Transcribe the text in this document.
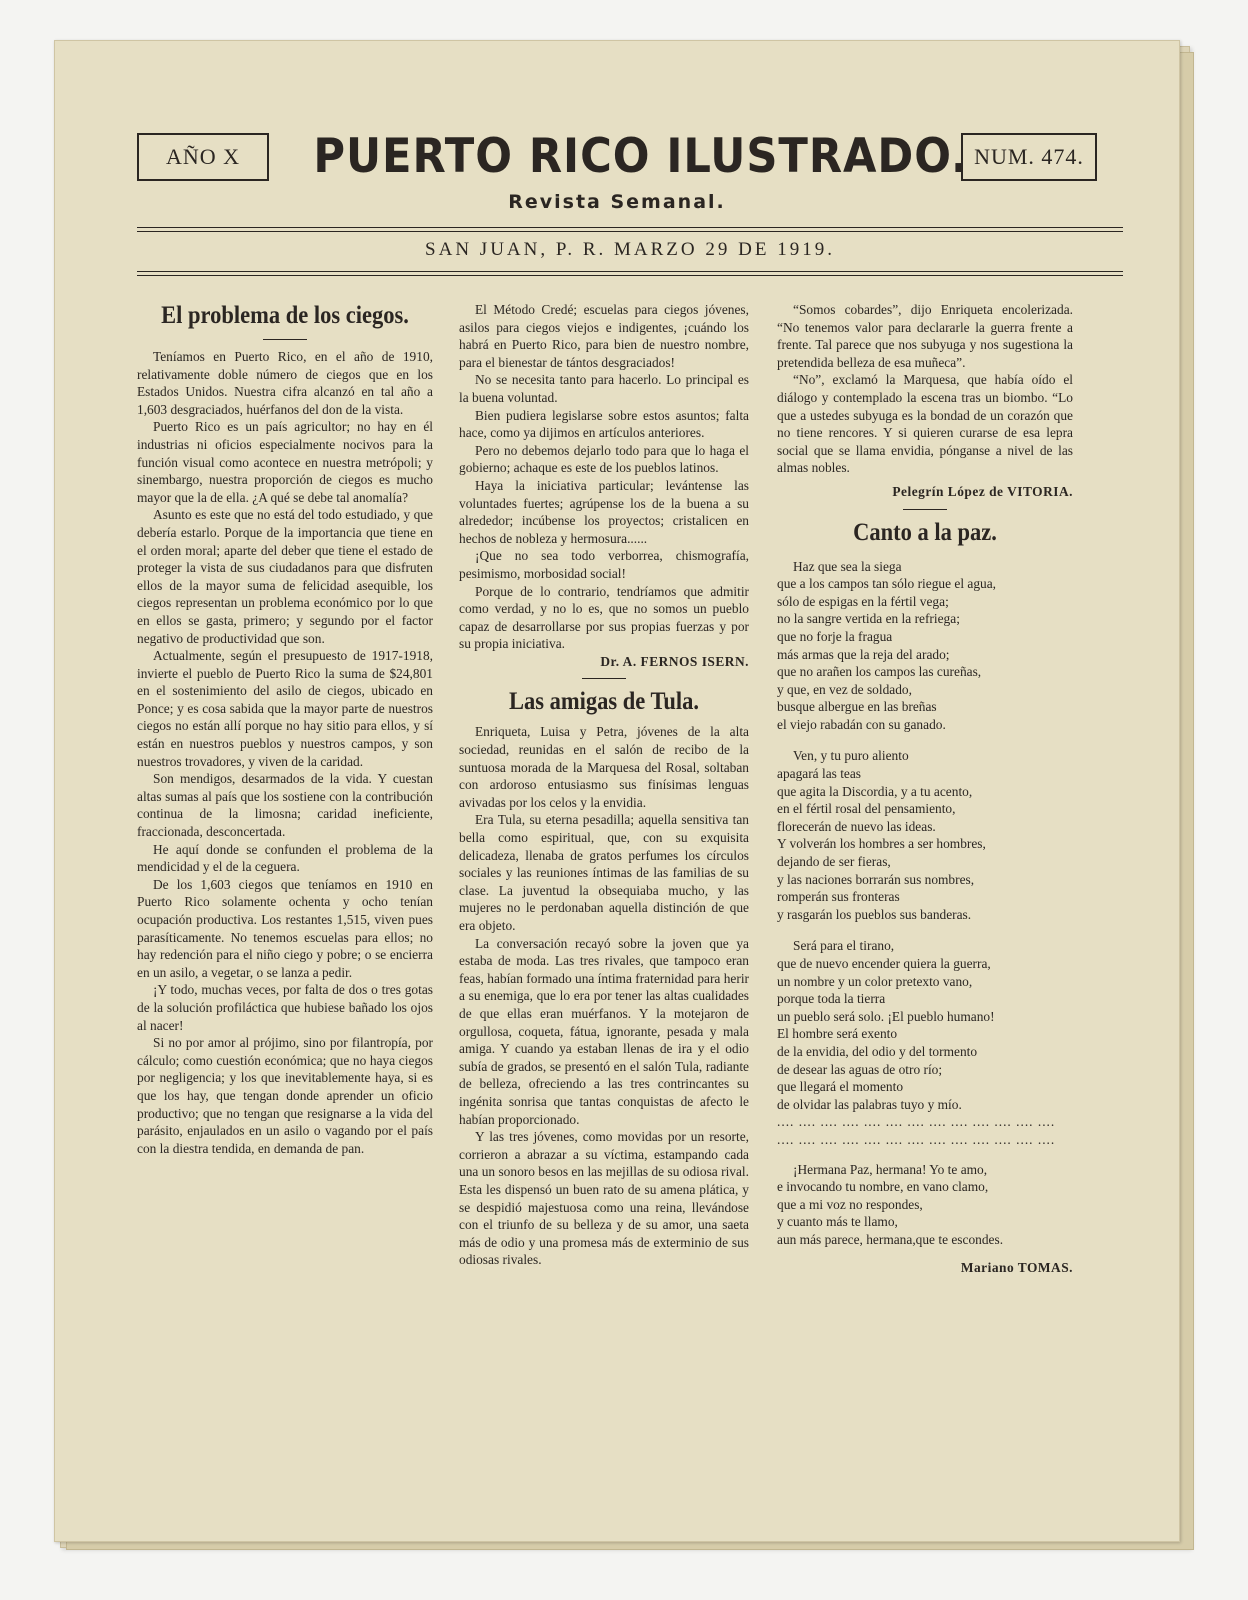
AÑO X	PUERTO RICO ILUSTRADO. NUM. 474.
Revista Semanal.
SAN JUAN, P. R. MARZO 29 DE 1919.

El problema de los ciegos.

Teníamos en Puerto Rico, en el año de 1910, relativamente doble número de ciegos que en los Estados Unidos. Nuestra cifra alcanzó en tal año a 1,603 desgraciados, huérfanos del don de la vista.

Puerto Rico es un país agricultor; no hay en él industrias ni oficios especialmente nocivos para la función visual como acontece en nuestra metrópoli; y sinembargo, nuestra proporción de ciegos es mucho mayor que la de ella. ¿A qué se debe tal anomalía?

Asunto es este que no está del todo estudiado, y que debería estarlo. Porque de la importancia que tiene en el orden moral; aparte del deber que tiene el estado de proteger la vista de sus ciudadanos para que disfruten ellos de la mayor suma de felicidad asequible, los ciegos representan un problema económico por lo que en ellos se gasta, primero; y segundo por el factor negativo de productividad que son.

Actualmente, según el presupuesto de 1917-1918, invierte el pueblo de Puerto Rico la suma de $24,801 en el sostenimiento del asilo de ciegos, ubicado en Ponce; y es cosa sabida que la mayor parte de nuestros ciegos no están allí porque no hay sitio para ellos, y sí están en nuestros pueblos y nuestros campos, y son nuestros trovadores, y viven de la caridad.

Son mendigos, desarmados de la vida. Y cuestan altas sumas al país que los sostiene con la contribución continua de la limosna; caridad ineficiente, fraccionada, desconcertada.

He aquí donde se confunden el problema de la mendicidad y el de la ceguera.

De los 1,603 ciegos que teníamos en 1910 en Puerto Rico solamente ochenta y ocho tenían ocupación productiva. Los restantes 1,515, viven pues parasíticamente. No tenemos escuelas para ellos; no hay redención para el niño ciego y pobre; o se encierra en un asilo, a vegetar, o se lanza a pedir.

¡Y todo, muchas veces, por falta de dos o tres gotas de la solución profiláctica que hubiese bañado los ojos al nacer!

Si no por amor al prójimo, sino por filantropía, por cálculo; como cuestión económica; que no haya ciegos por negligencia; y los que inevitablemente haya, si es que los hay, que tengan donde aprender un oficio productivo; que no tengan que resignarse a la vida del parásito, enjaulados en un asilo o vagando por el país con la diestra tendida, en demanda de pan.

El Método Credé; escuelas para ciegos jóvenes, asilos para ciegos viejos e indigentes, ¡cuándo los habrá en Puerto Rico, para bien de nuestro nombre, para el bienestar de tántos desgraciados!

No se necesita tanto para hacerlo. Lo principal es la buena voluntad.

Bien pudiera legislarse sobre estos asuntos; falta hace, como ya dijimos en artículos anteriores.

Pero no debemos dejarlo todo para que lo haga el gobierno; achaque es este de los pueblos latinos.

Haya la iniciativa particular; levántense las voluntades fuertes; agrúpense los de la buena a su alrededor; incúbense los proyectos; cristalicen en hechos de nobleza y hermosura......

¡Que no sea todo verborrea, chismografía, pesimismo, morbosidad social!

Porque de lo contrario, tendríamos que admitir como verdad, y no lo es, que no somos un pueblo capaz de desarrollarse por sus propias fuerzas y por su propia iniciativa.

Dr. A. FERNOS ISERN.

Las amigas de Tula.

Enriqueta, Luisa y Petra, jóvenes de la alta sociedad, reunidas en el salón de recibo de la suntuosa morada de la Marquesa del Rosal, soltaban con ardoroso entusiasmo sus finísimas lenguas avivadas por los celos y la envidia.

Era Tula, su eterna pesadilla; aquella sensitiva tan bella como espiritual, que, con su exquisita delicadeza, llenaba de gratos perfumes los círculos sociales y las reuniones íntimas de las familias de su clase. La juventud la obsequiaba mucho, y las mujeres no le perdonaban aquella distinción de que era objeto.

La conversación recayó sobre la joven que ya estaba de moda. Las tres rivales, que tampoco eran feas, habían formado una íntima fraternidad para herir a su enemiga, que lo era por tener las altas cualidades de que ellas eran muérfanos. Y la motejaron de orgullosa, coqueta, fátua, ignorante, pesada y mala amiga. Y cuando ya estaban llenas de ira y el odio subía de grados, se presentó en el salón Tula, radiante de belleza, ofreciendo a las tres contrincantes su ingénita sonrisa que tantas conquistas de afecto le habían proporcionado.

Y las tres jóvenes, como movidas por un resorte, corrieron a abrazar a su víctima, estampando cada una un sonoro besos en las mejillas de su odiosa rival. Esta les dispensó un buen rato de su amena plática, y se despidió majestuosa como una reina, llevándose con el triunfo de su belleza y de su amor, una saeta más de odio y una promesa más de exterminio de sus odiosas rivales.

“Somos cobardes”, dijo Enriqueta encolerizada. “No tenemos valor para declararle la guerra frente a frente. Tal parece que nos subyuga y nos sugestiona la pretendida belleza de esa muñeca”.

“No”, exclamó la Marquesa, que había oído el diálogo y contemplado la escena tras un biombo. “Lo que a ustedes subyuga es la bondad de un corazón que no tiene rencores. Y si quieren curarse de esa lepra social que se llama envidia, pónganse a nivel de las almas nobles.

Pelegrín López de VITORIA.

Canto a la paz.

Haz que sea la siega

que a los campos tan sólo riegue el agua,

sólo de espigas en la fértil vega;

no la sangre vertida en la refriega;

que no forje la fragua

más armas que la reja del arado;

que no arañen los campos las cureñas,

y que, en vez de soldado,

busque albergue en las breñas

el viejo rabadán con su ganado.

Ven, y tu puro aliento

apagará las teas

que agita la Discordia, y a tu acento,

en el fértil rosal del pensamiento,

florecerán de nuevo las ideas.

Y volverán los hombres a ser hombres,

dejando de ser fieras,

y las naciones borrarán sus nombres,

romperán sus fronteras

y rasgarán los pueblos sus banderas.

Será para el tirano,

que de nuevo encender quiera la guerra,

un nombre y un color pretexto vano,

porque toda la tierra

un pueblo será solo. ¡El pueblo humano!

El hombre será exento

de la envidia, del odio y del tormento

de desear las aguas de otro río;

que llegará el momento

de olvidar las palabras tuyo y mío.

.... .... .... .... .... .... .... .... .... .... .... .... ....

.... .... .... .... .... .... .... .... .... .... .... .... ....

¡Hermana Paz, hermana! Yo te amo,

e invocando tu nombre, en vano clamo,

que a mi voz no respondes,

y cuanto más te llamo,

aun más parece, hermana,que te escondes.

Mariano TOMAS.
